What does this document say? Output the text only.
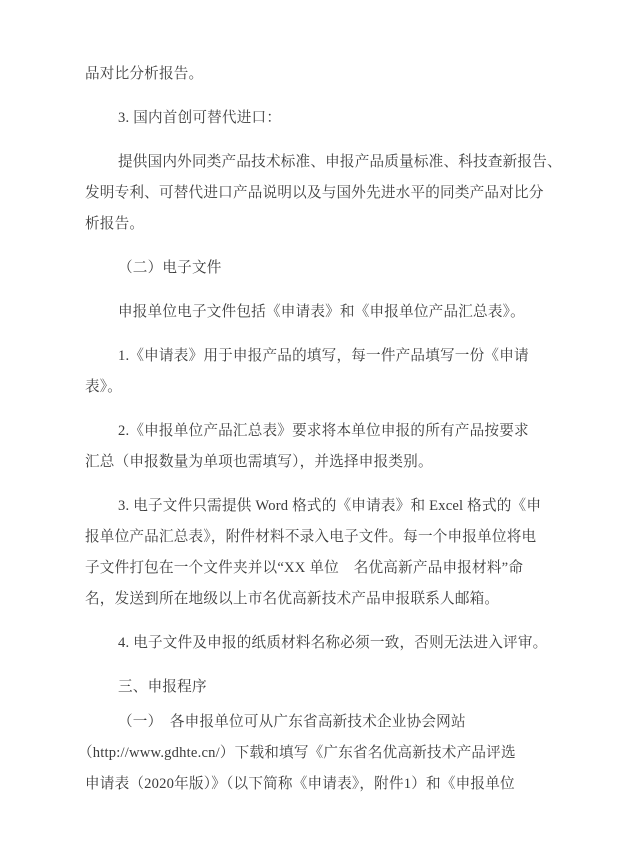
品对比分析报告。
3. 国内首创可替代进口：
提供国内外同类产品技术标准、申报产品质量标准、科技查新报告、
发明专利、可替代进口产品说明以及与国外先进水平的同类产品对比分
析报告。
（二）电子文件
申报单位电子文件包括《申请表》和《申报单位产品汇总表》。
1.《申请表》用于申报产品的填写，每一件产品填写一份《申请
表》。
2.《申报单位产品汇总表》要求将本单位申报的所有产品按要求
汇总（申报数量为单项也需填写），并选择申报类别。
3. 电子文件只需提供 Word 格式的《申请表》和 Excel 格式的《申
报单位产品汇总表》，附件材料不录入电子文件。每一个申报单位将电
子文件打包在一个文件夹并以“XX 单位　名优高新产品申报材料”命
名，发送到所在地级以上市名优高新技术产品申报联系人邮箱。
4. 电子文件及申报的纸质材料名称必须一致，否则无法进入评审。
三、申报程序
（一）　各申报单位可从广东省高新技术企业协会网站
（http://www.gdhte.cn/）下载和填写《广东省名优高新技术产品评选
申请表（2020年版）》（以下简称《申请表》，附件1）和《申报单位
